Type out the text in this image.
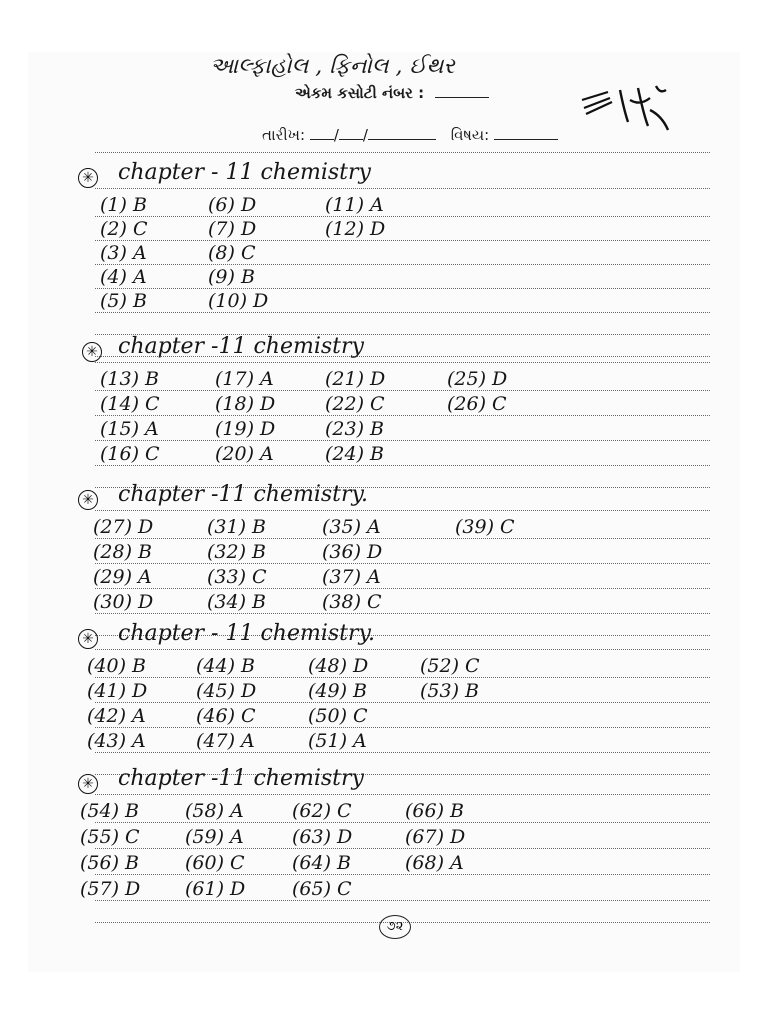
આલ્ફાહોલ , ફિનોલ , ઈથર
એકમ કસોટી નંબર :
તારીખ: / /	વિષય:
✳ chapter - 11 chemistry
(1) B	(6) D	(11) A
(2) C	(7) D	(12) D
(3) A	(8) C
(4) A	(9) B
(5) B	(10) D
✳ chapter -11 chemistry
(13) B	(17) A	(21) D	(25) D
(14) C	(18) D	(22) C	(26) C
(15) A	(19) D	(23) B
(16) C	(20) A	(24) B
✳ chapter -11 chemistry.
(27) D	(31) B	(35) A	(39) C
(28) B	(32) B	(36) D
(29) A	(33) C	(37) A
(30) D	(34) B	(38) C
✳ chapter - 11 chemistry.
(40) B	(44) B	(48) D	(52) C
(41) D	(45) D	(49) B	(53) B
(42) A	(46) C	(50) C
(43) A	(47) A	(51) A
✳ chapter -11 chemistry
(54) B (58) A	(62) C	(66) B
(55) C (59) A	(63) D	(67) D
(56) B (60) C (64) B	(68) A
(57) D (61) D (65) C
૭૨
